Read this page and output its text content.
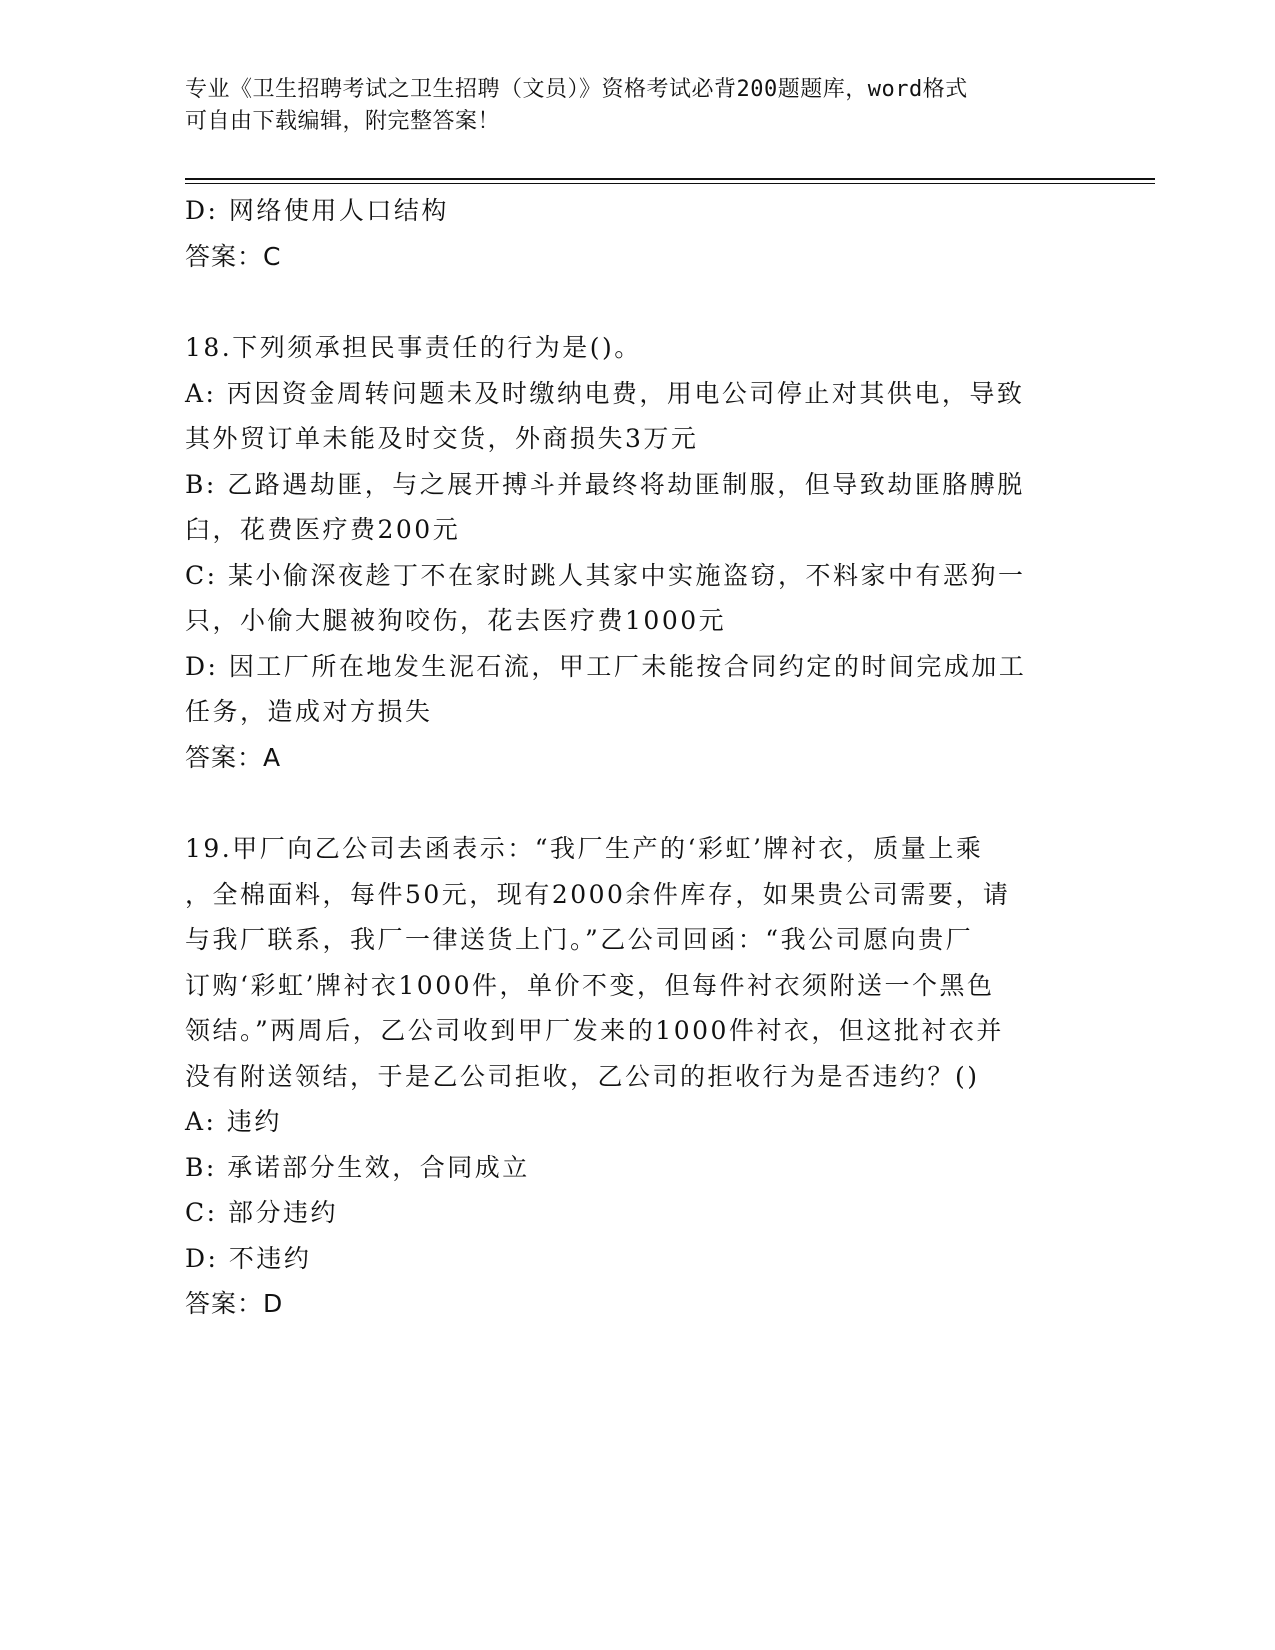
专业《卫生招聘考试之卫生招聘（文员）》资格考试必背200题题库，word格式
可自由下载编辑，附完整答案！

D: 网络使用人口结构

答案：C

18.下列须承担民事责任的行为是()。

A: 丙因资金周转问题未及时缴纳电费，用电公司停止对其供电，导致

其外贸订单未能及时交货，外商损失3万元

B: 乙路遇劫匪，与之展开搏斗并最终将劫匪制服，但导致劫匪胳膊脱

臼，花费医疗费200元

C: 某小偷深夜趁丁不在家时跳人其家中实施盗窃，不料家中有恶狗一

只，小偷大腿被狗咬伤，花去医疗费1000元

D: 因工厂所在地发生泥石流，甲工厂未能按合同约定的时间完成加工

任务，造成对方损失

答案：A

19.甲厂向乙公司去函表示：“我厂生产的‘彩虹’牌衬衣，质量上乘

，全棉面料，每件50元，现有2000余件库存，如果贵公司需要，请

与我厂联系，我厂一律送货上门。”乙公司回函：“我公司愿向贵厂

订购‘彩虹’牌衬衣1000件，单价不变，但每件衬衣须附送一个黑色

领结。”两周后，乙公司收到甲厂发来的1000件衬衣，但这批衬衣并

没有附送领结，于是乙公司拒收，乙公司的拒收行为是否违约？()

A: 违约

B: 承诺部分生效，合同成立

C: 部分违约

D: 不违约

答案：D
